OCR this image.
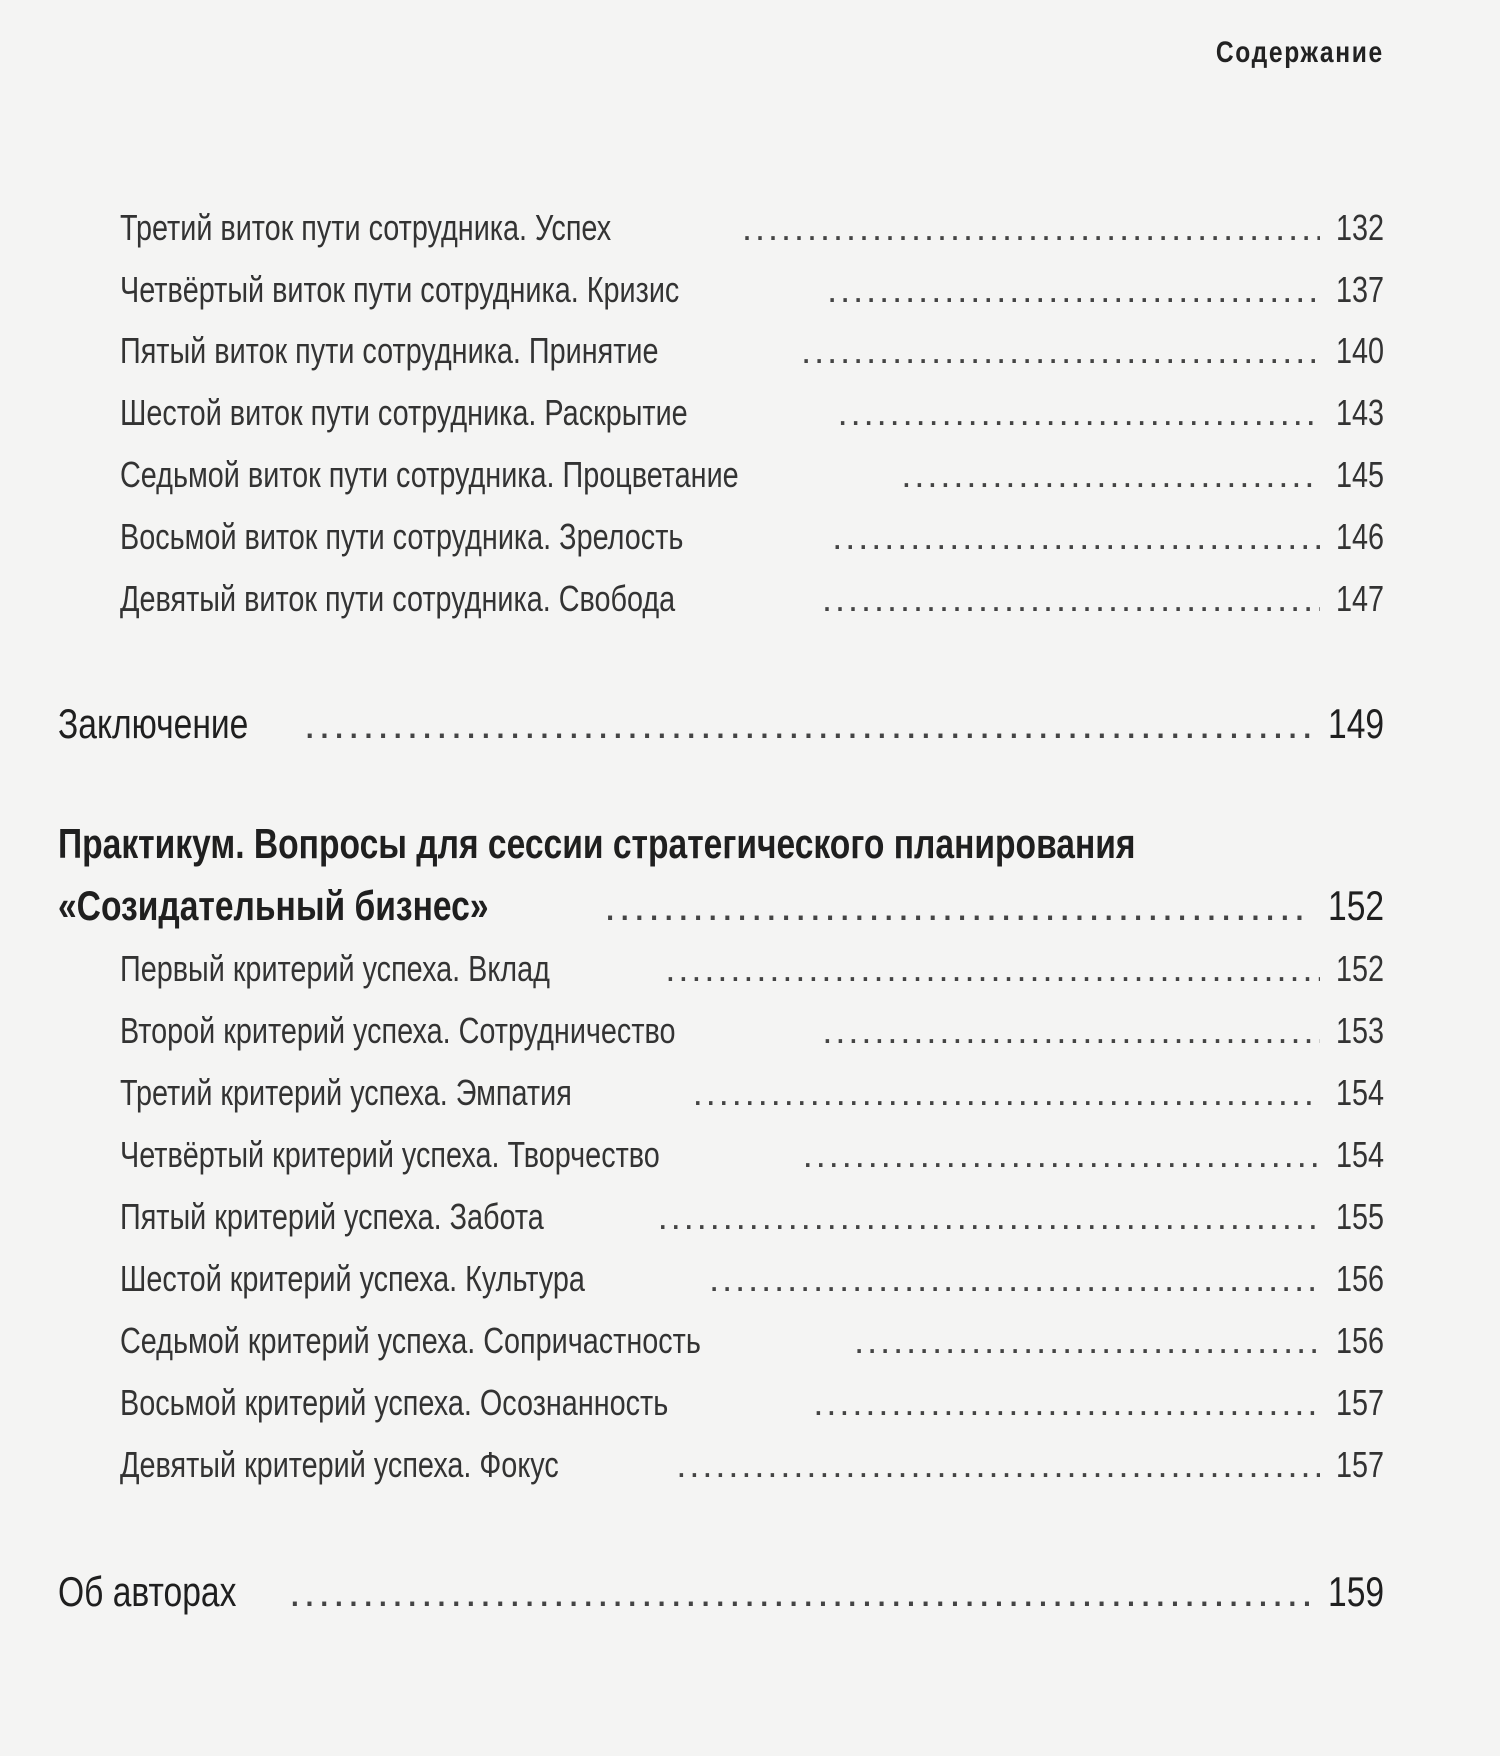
Содержание
Третий виток пути сотрудника. Успех .....	132
Четвёртый виток пути сотрудника. Кризис .....	137
Пятый виток пути сотрудника. Принятие .....	140
Шестой виток пути сотрудника. Раскрытие .....	143
Седьмой виток пути сотрудника. Процветание .....	145
Восьмой виток пути сотрудника. Зрелость .....	146
Девятый виток пути сотрудника. Свобода .....	147
Заключение .....	149
Практикум. Вопросы для сессии стратегического планирования
«Созидательный бизнес» .....	152
Первый критерий успеха. Вклад .....	152
Второй критерий успеха. Сотрудничество .....	153
Третий критерий успеха. Эмпатия .....	154
Четвёртый критерий успеха. Творчество .....	154
Пятый критерий успеха. Забота .....	155
Шестой критерий успеха. Культура .....	156
Седьмой критерий успеха. Сопричастность .....	156
Восьмой критерий успеха. Осознанность .....	157
Девятый критерий успеха. Фокус .....	157
Об авторах .....	159
